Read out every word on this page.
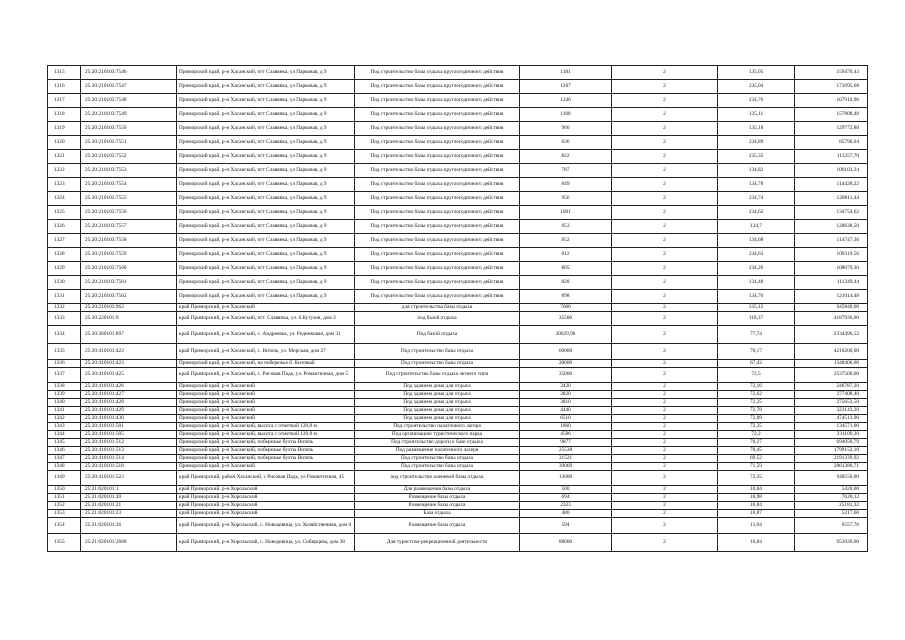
1315	25:20:210103:7546	Приморский край, р-н Хасанский, пгт Славянка, ул Парковая, д 9	Под строительство базы отдыха круглогодичного действия	1181	2	135,05	159470,43
1316	25:20:210103:7547	Приморский край, р-н Хасанский, пгт Славянка, ул Парковая, д 9	Под строительство базы отдыха круглогодичного действия	1267	2	135,04	171095,68
1317	25:20:210103:7548	Приморский край, р-н Хасанский, пгт Славянка, ул Парковая, д 9	Под строительство базы отдыха круглогодичного действия	1246	2	134,76	167910,96
1318	25:20:210103:7549	Приморский край, р-н Хасанский, пгт Славянка, ул Парковая, д 9	Под строительство базы отдыха круглогодичного действия	1168	2	135,11	157808,48
1319	25:20:210103:7550	Приморский край, р-н Хасанский, пгт Славянка, ул Парковая, д 9	Под строительство базы отдыха круглогодичного действия	960	2	135,18	129772,80
1320	25:20:210103:7551	Приморский край, р-н Хасанский, пгт Славянка, ул Парковая, д 9	Под строительство базы отдыха круглогодичного действия	636	2	134,89	85790,04
1321	25:20:210103:7552	Приморский край, р-н Хасанский, пгт Славянка, ул Парковая, д 9	Под строительство базы отдыха круглогодичного действия	822	2	135,35	111257,70
1322	25:20:210103:7553	Приморский край, р-н Хасанский, пгт Славянка, ул Парковая, д 9	Под строительство базы отдыха круглогодичного действия	787	2	134,82	106103,34
1323	25:20:210103:7554	Приморский край, р-н Хасанский, пгт Славянка, ул Парковая, д 9	Под строительство базы отдыха круглогодичного действия	849	2	134,78	114428,22
1324	25:20:210103:7555	Приморский край, р-н Хасанский, пгт Славянка, ул Парковая, д 9	Под строительство базы отдыха круглогодичного действия	956	2	134,74	128811,44
1325	25:20:210103:7556	Приморский край, р-н Хасанский, пгт Славянка, ул Парковая, д 9	Под строительство базы отдыха круглогодичного действия	1001	2	134,62	134754,62
1326	25:20:210103:7557	Приморский край, р-н Хасанский, пгт Славянка, ул Парковая, д 9	Под строительство базы отдыха круглогодичного действия	953	2	134,7	128638,50
1327	25:20:210103:7558	Приморский край, р-н Хасанский, пгт Славянка, ул Парковая, д 9	Под строительство базы отдыха круглогодичного действия	852	2	134,68	114747,36
1328	25:20:210103:7559	Приморский край, р-н Хасанский, пгт Славянка, ул Парковая, д 9	Под строительство базы отдыха круглогодичного действия	812	2	134,63	109319,56
1329	25:20:210103:7560	Приморский край, р-н Хасанский, пгт Славянка, ул Парковая, д 9	Под строительство базы отдыха круглогодичного действия	805	2	134,26	108079,30
1330	25:20:210103:7561	Приморский край, р-н Хасанский, пгт Славянка, ул Парковая, д 9	Под строительство базы отдыха круглогодичного действия	828	2	134,48	111349,44
1331	25:20:210103:7562	Приморский край, р-н Хасанский, пгт Славянка, ул Парковая, д 9	Под строительство базы отдыха круглогодичного действия	898	2	134,76	121014,48
1332	25:20:210103:962	край Приморский, р-н Хасанский	для строительства базы отдыха	7000	2	135,12	945840,00
1333	25:20:220101:9	край Приморский, р-н Хасанский, пгт. Славянка, ул. б.Кутузов, дом 3	под базой отдыха	35580	2	118,37	4187930,60
1334	25:20:360101:897	край Приморский, р-н Хасанский, с. Андреевка, ул. Родниковая, дом 31	Под базой отдыха	30029,96	2	77,74	2334496,52
1335	25:20:410101:422	край Приморский, р-н Хасанский, с. Витязь, ул. Морская, дом 27	Под строительство базы отдыха	60000	2	70,17	4210200,00
1336	25:20:410101:423	Приморский край, р-н Хасанский, на побережье б. Китовый	Под строительство базы отдыха	20000	2	67,42	1348400,00
1337	25:20:410101:425	край Приморский, р-н Хасанский, с. Рисовая Падь, ул. Романтичная, дом 5	Под строительство базы отдыха летнего типа	35000	2	72,5	2537500,00
1338	25:20:410101:426	Приморский край, р-н Хасанский	Под зданием дома для отдыха	3420	2	72,16	246787,20
1339	25:20:410101:427	Приморский край, р-н Хасанский	Под зданием дома для отдыха	3820	2	72,62	277408,40
1340	25:20:410101:428	Приморский край, р-н Хасанский	Под зданием дома для отдыха	3810	2	72,35	275653,50
1341	25:20:410101:429	Приморский край, р-н Хасанский	Под зданием дома для отдыха	4440	2	72,78	323143,20
1342	25:20:410101:430	Приморский край, р-н Хасанский	Под зданием дома для отдыха	6510	2	72,89	474513,90
1343	25:20:410101:501	Приморский край, р-н Хасанский, высота с отметкой 120,8 м	Под строительство палаточного лагеря	1860	2	72,35	134571,00
1344	25:20:410101:505	Приморский край, р-н Хасанский, высота с отметкой 120,8 м	Под организацию туристического парка	4586	2	72,2	331109,20
1345	25:20:410101:512	Приморский край, р-н Хасанский, побережье бухты Витязь	Под строительство дороги к базе отдыха	9877	2	70,27	694056,79
1346	25:20:410101:513	Приморский край, р-н Хасанский, побережье бухты Витязь	Под размещение палаточного лагеря	25538	2	70,45	1799152,10
1347	25:20:410101:514	Приморский край, р-н Хасанский, побережье бухты Витязь	Под строительство базы отдыха	31521	2	69,52	2191339,92
1348	25:20:410101:518	Приморский край, р-н Хасанский	Под строительство базы отдыха	39069	2	71,59	2861380,71
1349	25:20:410101:523	край Приморский, район Хасанский, с Рисовая Падь, ул Романтичная, 45	под строительство оленевой базы отдыха	13000	2	72,35	940550,00
1350	25:21:020101:1	край Приморский, р-н Хорольский	Для размещения базы отдыха	500	2	10,84	5420,00
1351	25:21:020101:20	край Приморский, р-н Хорольский	Размещение базы отдыха	694	2	10,98	7620,12
1352	25:21:020101:21	край Приморский, р-н Хорольский	Размещение базы отдыха	2323	2	10,84	25181,32
1353	25:21:020101:23	край Приморский, р-н Хорольский	База отдыха	480	2	10,87	5217,60
1354	25:21:020101:26	край Приморский, р-н Хорольский, с. Новодевица, ул. Хозяйственная, дом 6	Размещение базы отдыха	594	2	11,04	6557,76
1355	25:21:020101:2668	край Приморский, р-н Хорольский, с. Новодевица, ул. Сибирцева, дом 38	Для туристско-рекреационной деятельности	88000	2	10,84	953920,00
